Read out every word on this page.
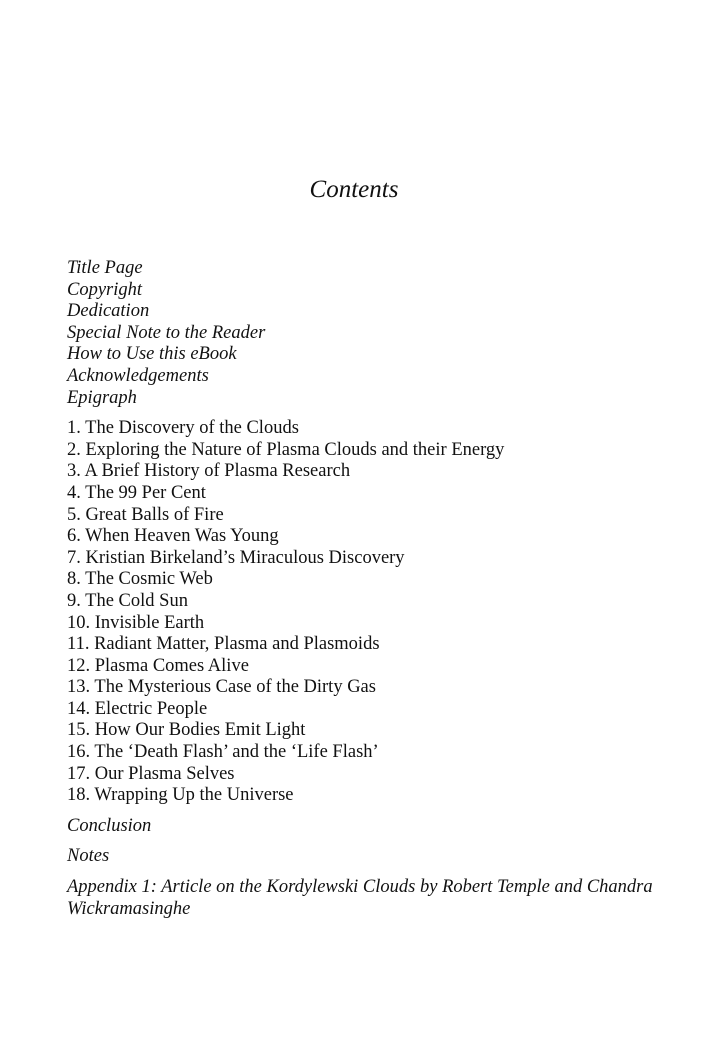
Contents
Title Page
Copyright
Dedication
Special Note to the Reader
How to Use this eBook
Acknowledgements
Epigraph
1. The Discovery of the Clouds
2. Exploring the Nature of Plasma Clouds and their Energy
3. A Brief History of Plasma Research
4. The 99 Per Cent
5. Great Balls of Fire
6. When Heaven Was Young
7. Kristian Birkeland’s Miraculous Discovery
8. The Cosmic Web
9. The Cold Sun
10. Invisible Earth
11. Radiant Matter, Plasma and Plasmoids
12. Plasma Comes Alive
13. The Mysterious Case of the Dirty Gas
14. Electric People
15. How Our Bodies Emit Light
16. The ‘Death Flash’ and the ‘Life Flash’
17. Our Plasma Selves
18. Wrapping Up the Universe
Conclusion
Notes
Appendix 1: Article on the Kordylewski Clouds by Robert Temple and Chandra Wickramasinghe
